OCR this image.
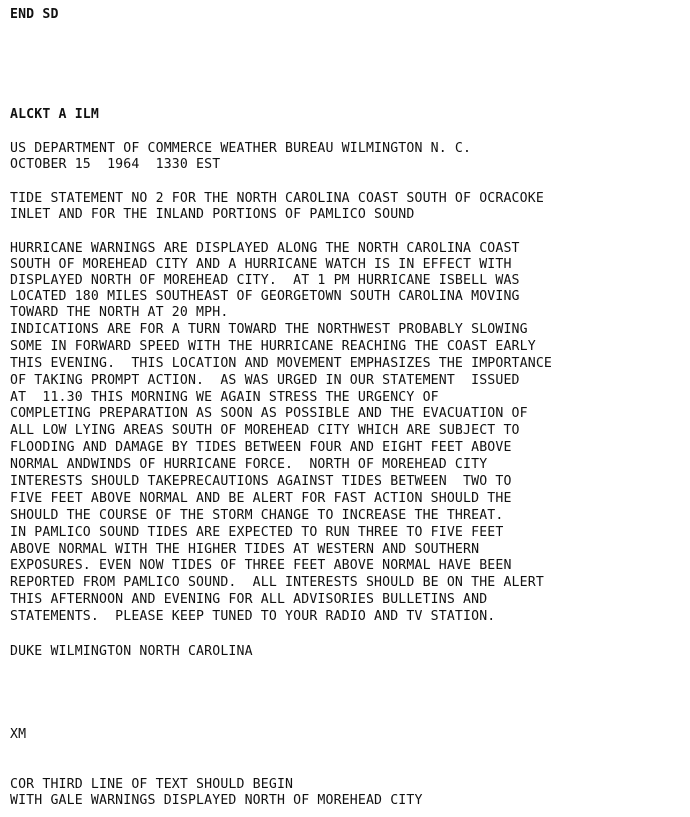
END SD
ALCKT A ILM
US DEPARTMENT OF COMMERCE WEATHER BUREAU WILMINGTON N. C.
OCTOBER 15  1964  1330 EST
TIDE STATEMENT NO 2 FOR THE NORTH CAROLINA COAST SOUTH OF OCRACOKE
INLET AND FOR THE INLAND PORTIONS OF PAMLICO SOUND
HURRICANE WARNINGS ARE DISPLAYED ALONG THE NORTH CAROLINA COAST
SOUTH OF MOREHEAD CITY AND A HURRICANE WATCH IS IN EFFECT WITH
DISPLAYED NORTH OF MOREHEAD CITY.  AT 1 PM HURRICANE ISBELL WAS
LOCATED 180 MILES SOUTHEAST OF GEORGETOWN SOUTH CAROLINA MOVING
TOWARD THE NORTH AT 20 MPH.
INDICATIONS ARE FOR A TURN TOWARD THE NORTHWEST PROBABLY SLOWING
SOME IN FORWARD SPEED WITH THE HURRICANE REACHING THE COAST EARLY
THIS EVENING.  THIS LOCATION AND MOVEMENT EMPHASIZES THE IMPORTANCE
OF TAKING PROMPT ACTION.  AS WAS URGED IN OUR STATEMENT  ISSUED
AT  11.30 THIS MORNING WE AGAIN STRESS THE URGENCY OF
COMPLETING PREPARATION AS SOON AS POSSIBLE AND THE EVACUATION OF
ALL LOW LYING AREAS SOUTH OF MOREHEAD CITY WHICH ARE SUBJECT TO
FLOODING AND DAMAGE BY TIDES BETWEEN FOUR AND EIGHT FEET ABOVE
NORMAL ANDWINDS OF HURRICANE FORCE.  NORTH OF MOREHEAD CITY
INTERESTS SHOULD TAKEPRECAUTIONS AGAINST TIDES BETWEEN  TWO TO
FIVE FEET ABOVE NORMAL AND BE ALERT FOR FAST ACTION SHOULD THE
SHOULD THE COURSE OF THE STORM CHANGE TO INCREASE THE THREAT.
IN PAMLICO SOUND TIDES ARE EXPECTED TO RUN THREE TO FIVE FEET
ABOVE NORMAL WITH THE HIGHER TIDES AT WESTERN AND SOUTHERN
EXPOSURES. EVEN NOW TIDES OF THREE FEET ABOVE NORMAL HAVE BEEN
REPORTED FROM PAMLICO SOUND.  ALL INTERESTS SHOULD BE ON THE ALERT
THIS AFTERNOON AND EVENING FOR ALL ADVISORIES BULLETINS AND
STATEMENTS.  PLEASE KEEP TUNED TO YOUR RADIO AND TV STATION.
DUKE WILMINGTON NORTH CAROLINA
XM
COR THIRD LINE OF TEXT SHOULD BEGIN
WITH GALE WARNINGS DISPLAYED NORTH OF MOREHEAD CITY
